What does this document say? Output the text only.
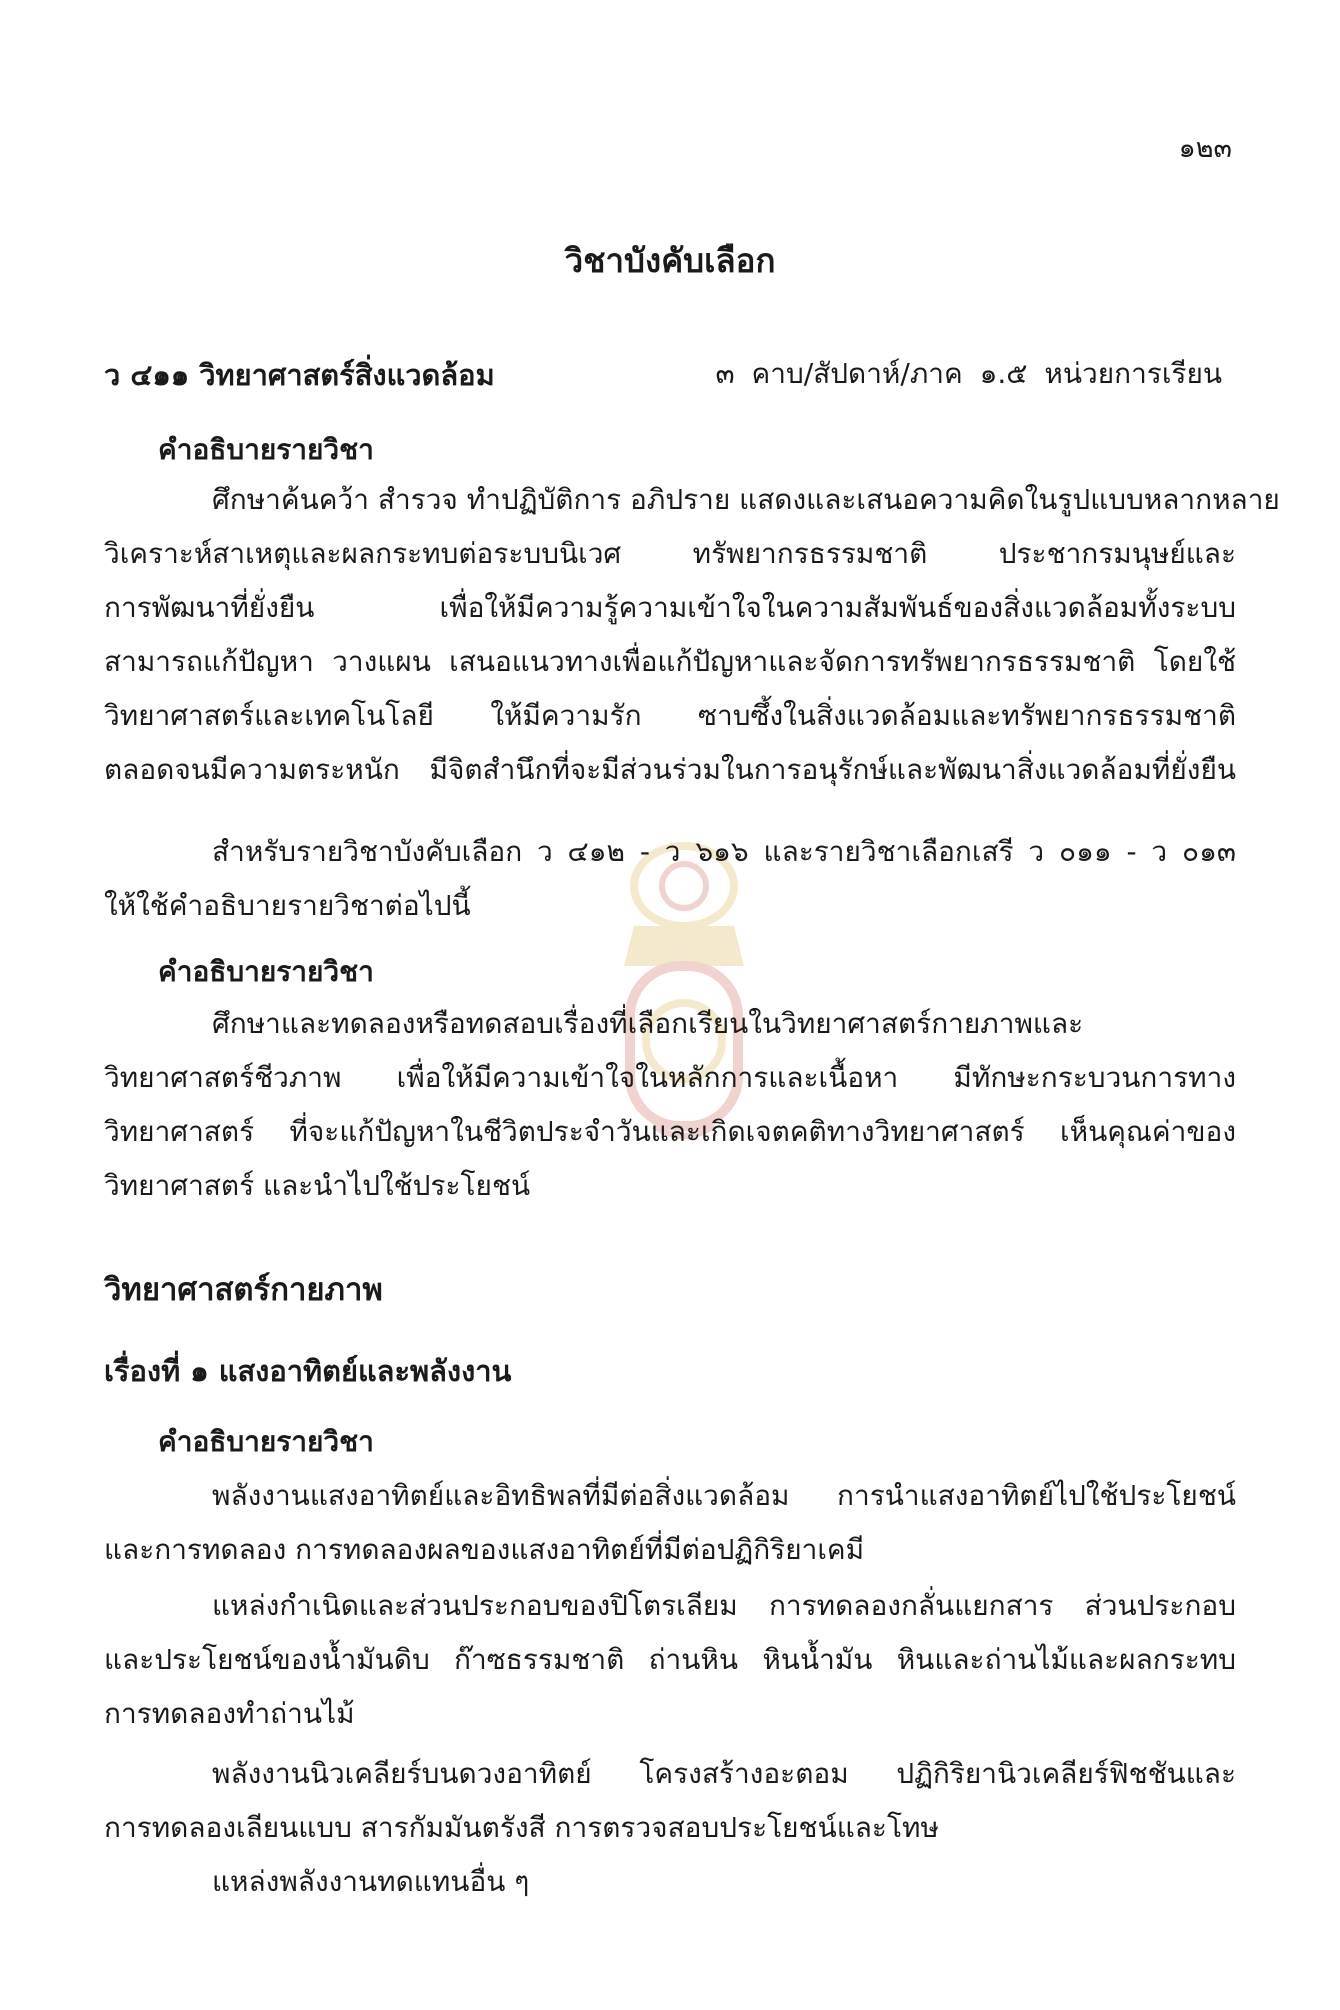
๑๒๓
วิชาบังคับเลือก
ว ๔๑๑ วิทยาศาสตร์สิ่งแวดล้อม	๓ คาบ/สัปดาห์/ภาค ๑.๕ หน่วยการเรียน
คำอธิบายรายวิชา
ศึกษาค้นคว้า สำรวจ ทำปฏิบัติการ อภิปราย แสดงและเสนอความคิดในรูปแบบหลากหลาย
วิเคราะห์สาเหตุและผลกระทบต่อระบบนิเวศ ทรัพยากรธรรมชาติ ประชากรมนุษย์และ
การพัฒนาที่ยั่งยืน เพื่อให้มีความรู้ความเข้าใจในความสัมพันธ์ของสิ่งแวดล้อมทั้งระบบ
สามารถแก้ปัญหา วางแผน เสนอแนวทางเพื่อแก้ปัญหาและจัดการทรัพยากรธรรมชาติ โดยใช้
วิทยาศาสตร์และเทคโนโลยี ให้มีความรัก ซาบซึ้งในสิ่งแวดล้อมและทรัพยากรธรรมชาติ
ตลอดจนมีความตระหนัก มีจิตสำนึกที่จะมีส่วนร่วมในการอนุรักษ์และพัฒนาสิ่งแวดล้อมที่ยั่งยืน
สำหรับรายวิชาบังคับเลือก ว ๔๑๒ - ว ๖๑๖ และรายวิชาเลือกเสรี ว ๐๑๑ - ว ๐๑๓
ให้ใช้คำอธิบายรายวิชาต่อไปนี้
คำอธิบายรายวิชา
ศึกษาและทดลองหรือทดสอบเรื่องที่เลือกเรียนในวิทยาศาสตร์กายภาพและ
วิทยาศาสตร์ชีวภาพ เพื่อให้มีความเข้าใจในหลักการและเนื้อหา มีทักษะกระบวนการทาง
วิทยาศาสตร์ ที่จะแก้ปัญหาในชีวิตประจำวันและเกิดเจตคติทางวิทยาศาสตร์ เห็นคุณค่าของ
วิทยาศาสตร์ และนำไปใช้ประโยชน์
วิทยาศาสตร์กายภาพ
เรื่องที่ ๑ แสงอาทิตย์และพลังงาน
คำอธิบายรายวิชา
พลังงานแสงอาทิตย์และอิทธิพลที่มีต่อสิ่งแวดล้อม การนำแสงอาทิตย์ไปใช้ประโยชน์
และการทดลอง การทดลองผลของแสงอาทิตย์ที่มีต่อปฏิกิริยาเคมี
แหล่งกำเนิดและส่วนประกอบของปิโตรเลียม การทดลองกลั่นแยกสาร ส่วนประกอบ
และประโยชน์ของน้ำมันดิบ ก๊าซธรรมชาติ ถ่านหิน หินน้ำมัน หินและถ่านไม้และผลกระทบ
การทดลองทำถ่านไม้
พลังงานนิวเคลียร์บนดวงอาทิตย์ โครงสร้างอะตอม ปฏิกิริยานิวเคลียร์ฟิชชันและ
การทดลองเลียนแบบ สารกัมมันตรังสี การตรวจสอบประโยชน์และโทษ
แหล่งพลังงานทดแทนอื่น ๆ
